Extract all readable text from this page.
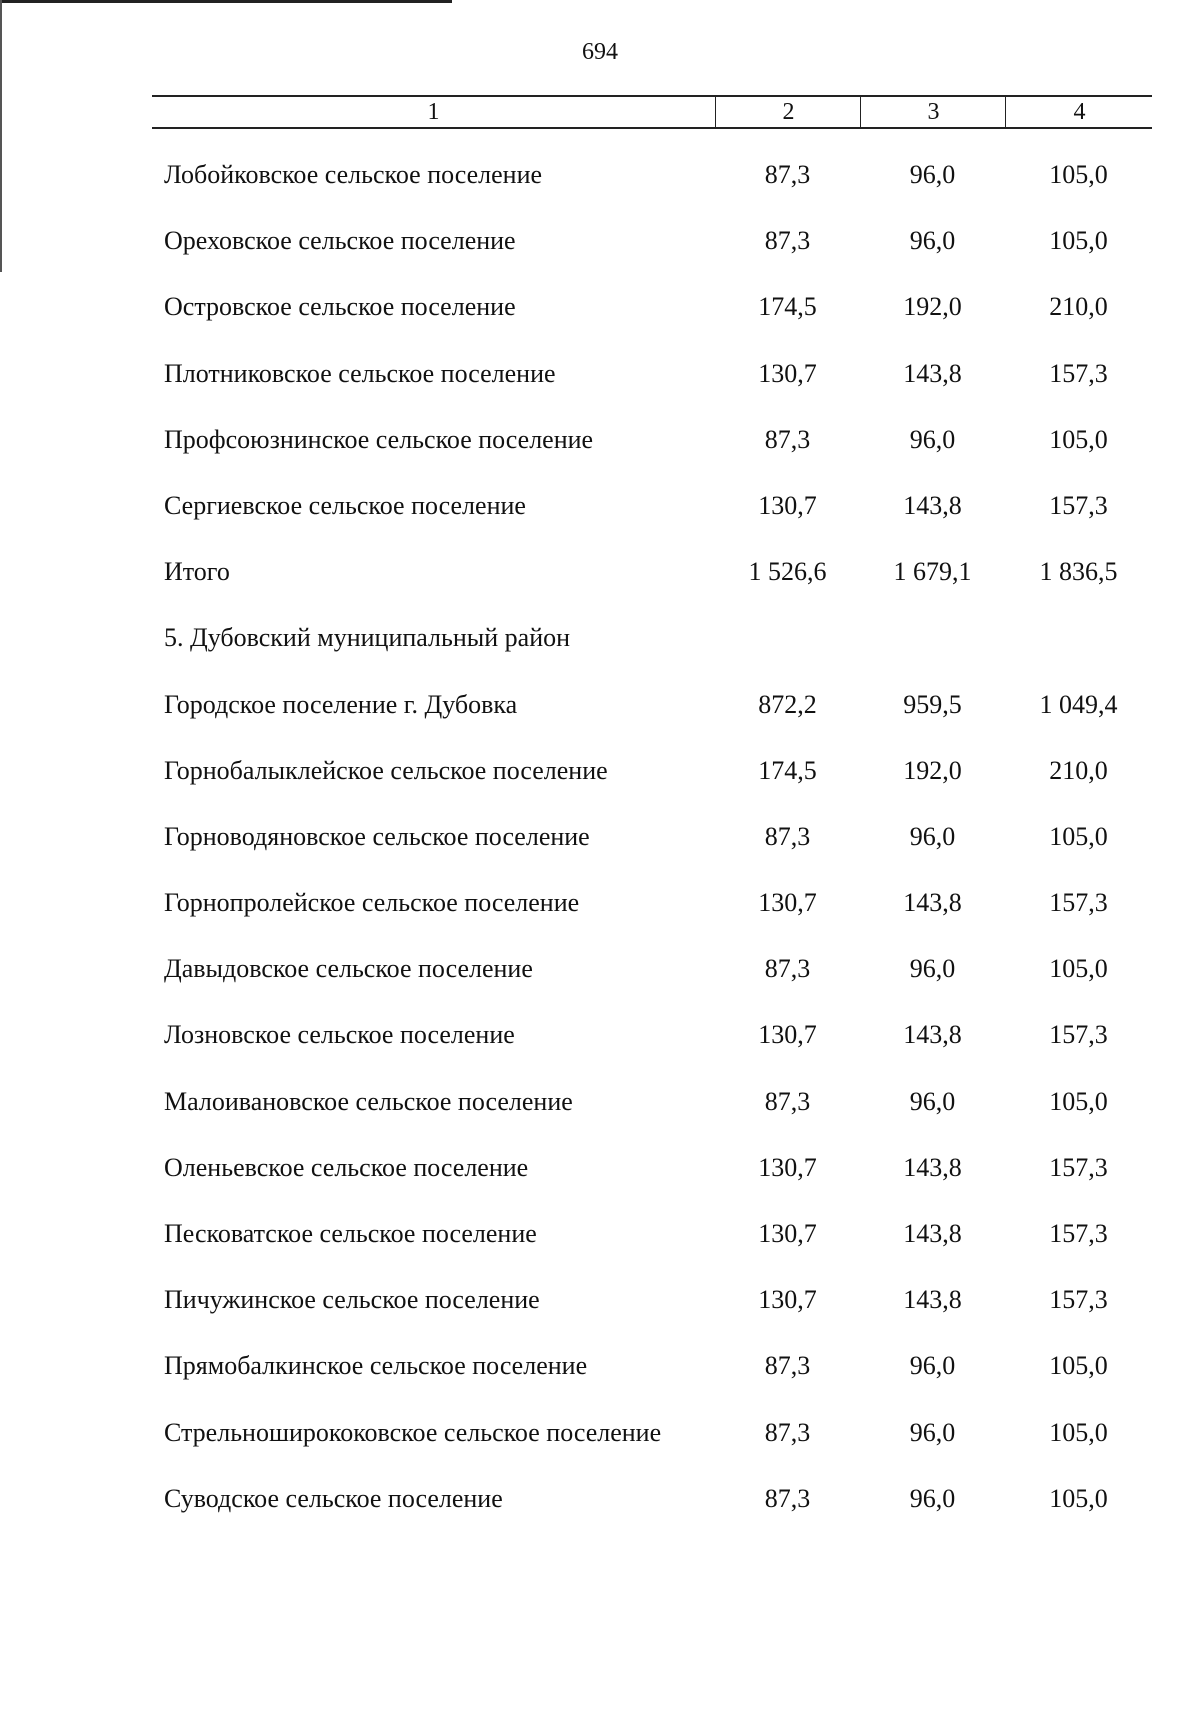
694
1	2	3	4
Лобойковское сельское поселение	87,3	96,0	105,0
Ореховское сельское поселение	87,3	96,0	105,0
Островское сельское поселение	174,5	192,0	210,0
Плотниковское сельское поселение	130,7	143,8	157,3
Профсоюзнинское сельское поселение	87,3	96,0	105,0
Сергиевское сельское поселение	130,7	143,8	157,3
Итого	1 526,6	1 679,1	1 836,5
5. Дубовский муниципальный район
Городское поселение г. Дубовка	872,2	959,5	1 049,4
Горнобалыклейское сельское поселение	174,5	192,0	210,0
Горноводяновское сельское поселение	87,3	96,0	105,0
Горнопролейское сельское поселение	130,7	143,8	157,3
Давыдовское сельское поселение	87,3	96,0	105,0
Лозновское сельское поселение	130,7	143,8	157,3
Малоивановское сельское поселение	87,3	96,0	105,0
Оленьевское сельское поселение	130,7	143,8	157,3
Песковатское сельское поселение	130,7	143,8	157,3
Пичужинское сельское поселение	130,7	143,8	157,3
Прямобалкинское сельское поселение	87,3	96,0	105,0
Стрельноширококовское сельское поселение	87,3	96,0	105,0
Суводское сельское поселение	87,3	96,0	105,0
